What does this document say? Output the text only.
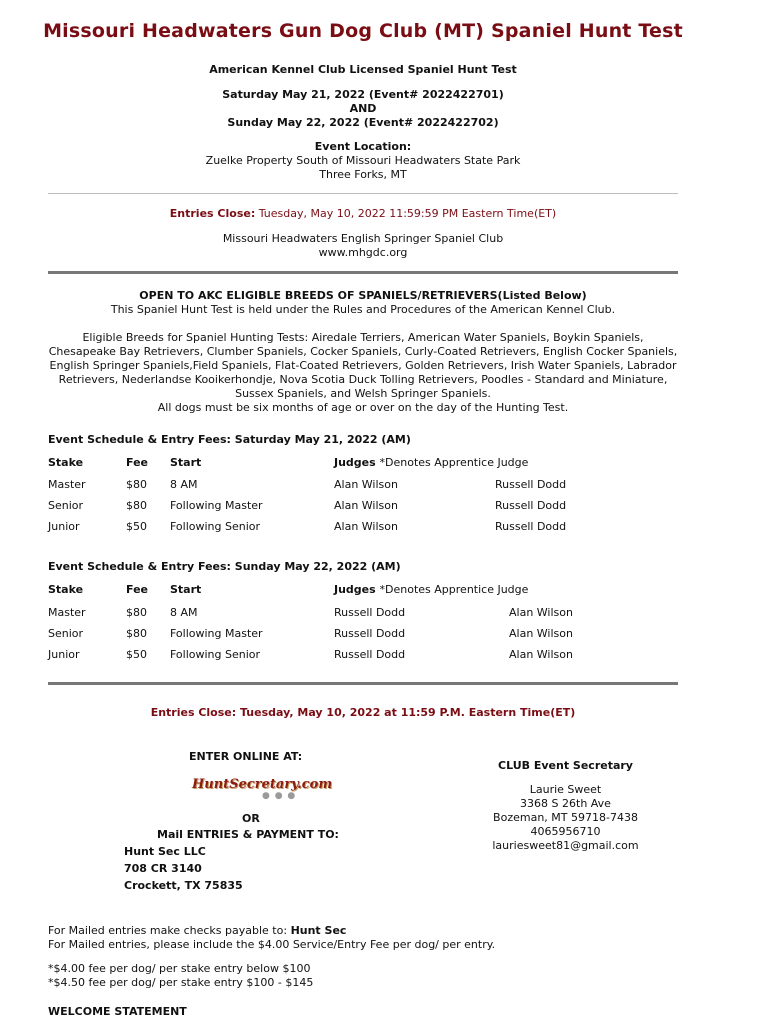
Missouri Headwaters Gun Dog Club (MT) Spaniel Hunt Test
American Kennel Club Licensed Spaniel Hunt Test
Saturday May 21, 2022 (Event# 2022422701)
AND
Sunday May 22, 2022 (Event# 2022422702)
Event Location:
Zuelke Property South of Missouri Headwaters State Park
Three Forks, MT
Entries Close: Tuesday, May 10, 2022 11:59:59 PM Eastern Time(ET)
Missouri Headwaters English Springer Spaniel Club
www.mhgdc.org
OPEN TO AKC ELIGIBLE BREEDS OF SPANIELS/RETRIEVERS(Listed Below)
This Spaniel Hunt Test is held under the Rules and Procedures of the American Kennel Club.
Eligible Breeds for Spaniel Hunting Tests: Airedale Terriers, American Water Spaniels, Boykin Spaniels,
Chesapeake Bay Retrievers, Clumber Spaniels, Cocker Spaniels, Curly-Coated Retrievers, English Cocker Spaniels,
English Springer Spaniels,Field Spaniels, Flat-Coated Retrievers, Golden Retrievers, Irish Water Spaniels, Labrador
Retrievers, Nederlandse Kooikerhondje, Nova Scotia Duck Tolling Retrievers, Poodles - Standard and Miniature,
Sussex Spaniels, and Welsh Springer Spaniels.
All dogs must be six months of age or over on the day of the Hunting Test.
Event Schedule & Entry Fees: Saturday May 21, 2022 (AM)
Stake	Fee Start	Judges *Denotes Apprentice Judge
Master	$80 8 AM	Alan Wilson	Russell Dodd
Senior	$80 Following Master	Alan Wilson	Russell Dodd
Junior	$50 Following Senior	Alan Wilson	Russell Dodd
Event Schedule & Entry Fees: Sunday May 22, 2022 (AM)
Stake	Fee Start	Judges *Denotes Apprentice Judge
Master	$80 8 AM	Russell Dodd	Alan Wilson
Senior	$80 Following Master	Russell Dodd	Alan Wilson
Junior	$50 Following Senior	Russell Dodd	Alan Wilson
Entries Close: Tuesday, May 10, 2022 at 11:59 P.M. Eastern Time(ET)
ENTER ONLINE AT:
HuntSecretary.com
● ● ●
OR
Mail ENTRIES & PAYMENT TO:
Hunt Sec LLC
708 CR 3140
Crockett, TX 75835
CLUB Event Secretary
Laurie Sweet
3368 S 26th Ave
Bozeman, MT 59718-7438
4065956710
lauriesweet81@gmail.com
For Mailed entries make checks payable to: Hunt Sec
For Mailed entries, please include the $4.00 Service/Entry Fee per dog/ per entry.
*$4.00 fee per dog/ per stake entry below $100
*$4.50 fee per dog/ per stake entry $100 - $145
WELCOME STATEMENT
